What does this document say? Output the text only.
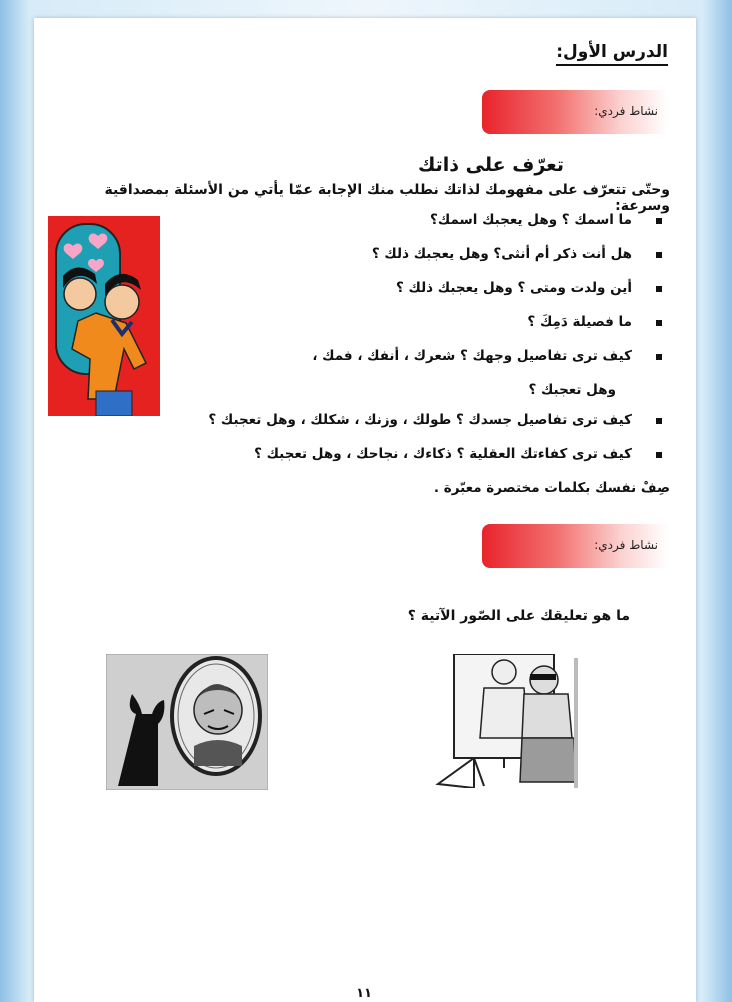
الدرس الأول:
نشاط فردي:
تعرّف على ذاتك
وحتّى تتعرّف على مفهومك لذاتك نطلب منك الإجابة عمّا يأتي من الأسئلة بمصداقية وسرعة:
ما اسمك ؟ وهل يعجبك اسمك؟
هل أنت ذكر أم أنثى؟ وهل يعجبك ذلك ؟
أين ولدت ومتى ؟ وهل يعجبك ذلك ؟
ما فصيلة دَمِكَ ؟
كيف ترى تفاصيل وجهك ؟ شعرك ، أنفك ، فمك ،
كيف ترى تفاصيل جسدك ؟ طولك ، وزنك ، شكلك ، وهل تعجبك ؟
كيف ترى كفاءتك العقلية ؟ ذكاءك ، نجاحك ، وهل تعجبك ؟
وهل تعجبك ؟
صِفْ نفسك بكلمات مختصرة معبّرة .
نشاط فردي:
ما هو تعليقك على الصّور الآتية ؟
١١
